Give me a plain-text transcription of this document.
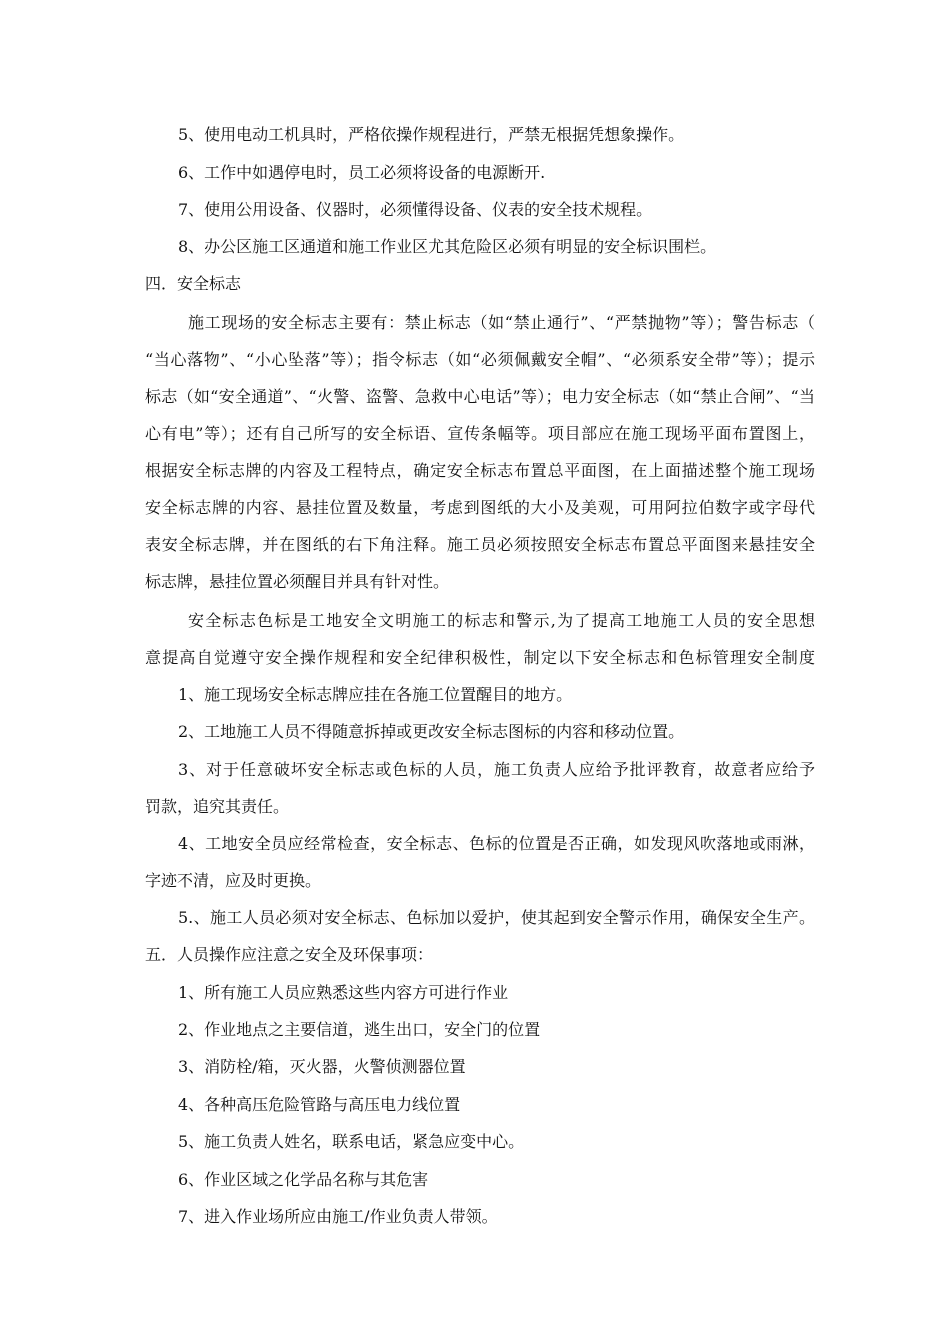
5、使用电动工机具时，严格依操作规程进行，严禁无根据凭想象操作。
6、工作中如遇停电时，员工必须将设备的电源断开.
7、使用公用设备、仪器时，必须懂得设备、仪表的安全技术规程。
8、办公区施工区通道和施工作业区尤其危险区必须有明显的安全标识围栏。
四．安全标志
施工现场的安全标志主要有：禁止标志（如“禁止通行”、“严禁抛物”等）；警告标志（
“当心落物”、“小心坠落”等）；指令标志（如“必须佩戴安全帽”、“必须系安全带”等）；提示
标志（如“安全通道”、“火警、盗警、急救中心电话”等）；电力安全标志（如“禁止合闸”、“当
心有电”等）；还有自己所写的安全标语、宣传条幅等。项目部应在施工现场平面布置图上，
根据安全标志牌的内容及工程特点，确定安全标志布置总平面图，在上面描述整个施工现场
安全标志牌的内容、悬挂位置及数量，考虑到图纸的大小及美观，可用阿拉伯数字或字母代
表安全标志牌，并在图纸的右下角注释。施工员必须按照安全标志布置总平面图来悬挂安全
标志牌，悬挂位置必须醒目并具有针对性。
安全标志色标是工地安全文明施工的标志和警示,为了提高工地施工人员的安全思想
意提高自觉遵守安全操作规程和安全纪律积极性，制定以下安全标志和色标管理安全制度
1、施工现场安全标志牌应挂在各施工位置醒目的地方。
2、工地施工人员不得随意拆掉或更改安全标志图标的内容和移动位置。
3、对于任意破坏安全标志或色标的人员，施工负责人应给予批评教育，故意者应给予
罚款，追究其责任。
4、工地安全员应经常检查，安全标志、色标的位置是否正确，如发现风吹落地或雨淋，
字迹不清，应及时更换。
5.、施工人员必须对安全标志、色标加以爱护，使其起到安全警示作用，确保安全生产。
五．人员操作应注意之安全及环保事项：
1、所有施工人员应熟悉这些内容方可进行作业
2、作业地点之主要信道，逃生出口，安全门的位置
3、消防栓/箱，灭火器，火警侦测器位置
4、各种高压危险管路与高压电力线位置
5、施工负责人姓名，联系电话，紧急应变中心。
6、作业区域之化学品名称与其危害
7、进入作业场所应由施工/作业负责人带领。
